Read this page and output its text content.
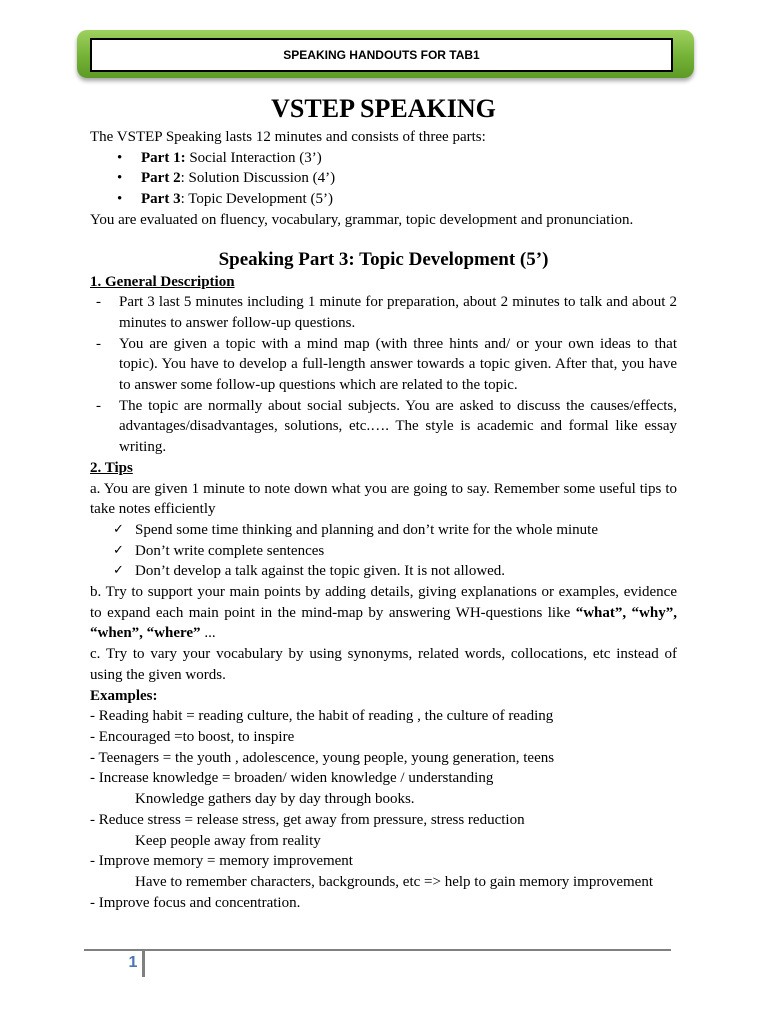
SPEAKING HANDOUTS FOR TAB1
VSTEP SPEAKING

The VSTEP Speaking lasts 12 minutes and consists of three parts:

• Part 1: Social Interaction (3’)
• Part 2: Solution Discussion (4’)
• Part 3: Topic Development (5’)

You are evaluated on fluency, vocabulary, grammar, topic development and pronunciation.

Speaking Part 3: Topic Development (5’)
1. General Description
- Part 3 last 5 minutes including 1 minute for preparation, about 2 minutes to talk and about 2 minutes to answer follow-up questions.
- You are given a topic with a mind map (with three hints and/ or your own ideas to that topic). You have to develop a full-length answer towards a topic given. After that, you have to answer some follow-up questions which are related to the topic.
- The topic are normally about social subjects. You are asked to discuss the causes/effects, advantages/disadvantages, solutions, etc.…. The style is academic and formal like essay writing.
2. Tips

a. You are given 1 minute to note down what you are going to say. Remember some useful tips to take notes efficiently

✓ Spend some time thinking and planning and don’t write for the whole minute
✓ Don’t write complete sentences
✓ Don’t develop a talk against the topic given. It is not allowed.

b. Try to support your main points by adding details, giving explanations or examples, evidence to expand each main point in the mind-map by answering WH-questions like “what”, “why”, “when”, “where” ...

c. Try to vary your vocabulary by using synonyms, related words, collocations, etc instead of using the given words.

Examples:
- Reading habit = reading culture, the habit of reading , the culture of reading
- Encouraged =to boost, to inspire
- Teenagers = the youth , adolescence, young people, young generation, teens
- Increase knowledge = broaden/ widen knowledge / understanding
Knowledge gathers day by day through books.
- Reduce stress = release stress, get away from pressure, stress reduction
Keep people away from reality
- Improve memory = memory improvement
Have to remember characters, backgrounds, etc => help to gain memory improvement
- Improve focus and concentration.
1
